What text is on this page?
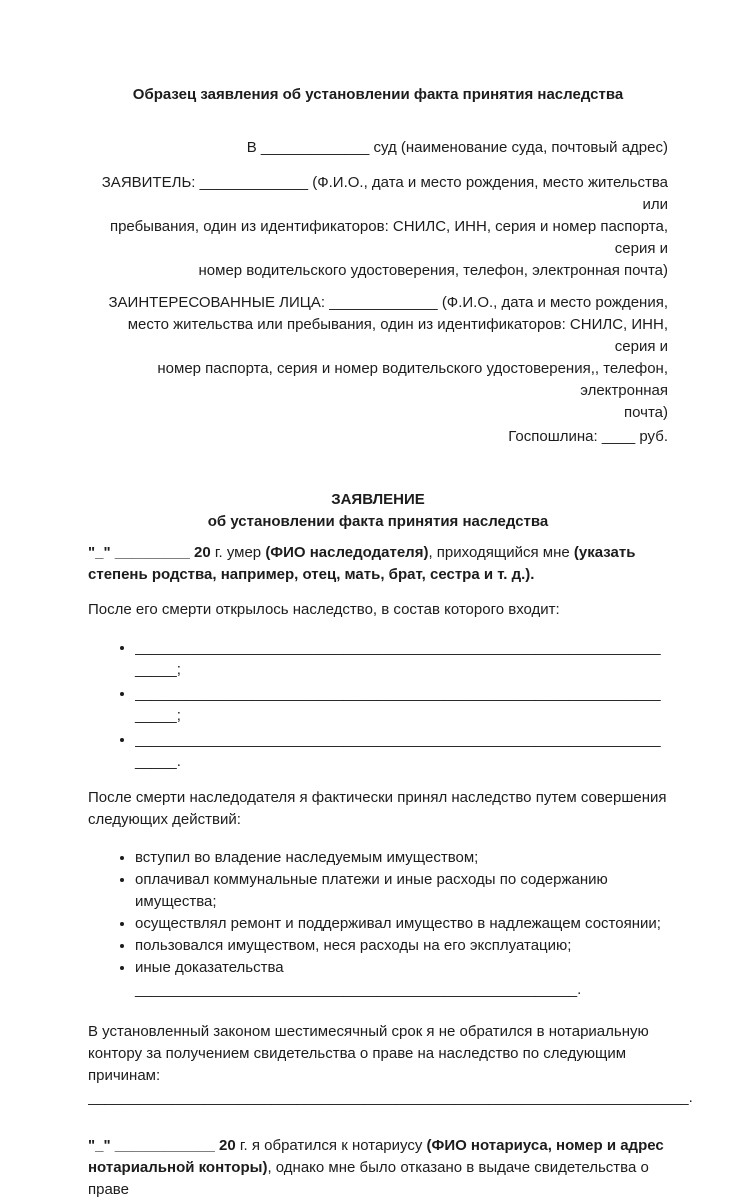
Образец заявления об установлении факта принятия наследства
В _____________ суд (наименование суда, почтовый адрес)
ЗАЯВИТЕЛЬ: _____________ (Ф.И.О., дата и место рождения, место жительства или
пребывания, один из идентификаторов: СНИЛС, ИНН, серия и номер паспорта, серия и
номер водительского удостоверения, телефон, электронная почта)
ЗАИНТЕРЕСОВАННЫЕ ЛИЦА: _____________ (Ф.И.О., дата и место рождения,
место жительства или пребывания, один из идентификаторов: СНИЛС, ИНН, серия и
номер паспорта, серия и номер водительского удостоверения,, телефон, электронная
почта)
Госпошлина: ____ руб.
ЗАЯВЛЕНИЕ
об установлении факта принятия наследства

"_" _________ 20 г. умер (ФИО наследодателя), приходящийся мне (указать степень родства, например, отец, мать, брат, сестра и т. д.).

После его смерти открылось наследство, в состав которого входит:

• _______________________________________________________________
_____;
• _______________________________________________________________
_____;
• _______________________________________________________________
_____.

После смерти наследодателя я фактически принял наследство путем совершения следующих действий:

• вступил во владение наследуемым имуществом;
• оплачивал коммунальные платежи и иные расходы по содержанию имущества;
• осуществлял ремонт и поддерживал имущество в надлежащем состоянии;
• пользовался имуществом, неся расходы на его эксплуатацию;
• иные доказательства
_____________________________________________________.

В установленный законом шестимесячный срок я не обратился в нотариальную контору за получением свидетельства о праве на наследство по следующим причинам: ________________________________________________________________________.

"_" ____________ 20 г. я обратился к нотариусу (ФИО нотариуса, номер и адрес нотариальной конторы), однако мне было отказано в выдаче свидетельства о праве
